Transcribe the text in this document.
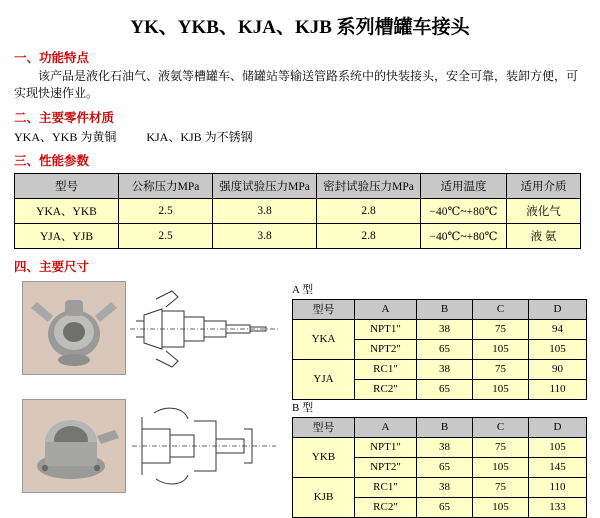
YK、YKB、KJA、KJB 系列槽罐车接头
一、功能特点
该产品是液化石油气、液氨等槽罐车、储罐站等输送管路系统中的快装接头，安全可靠，装卸方便，可实现快速作业。
二、主要零件材质
YKA、YKB 为黄铜	KJA、KJB 为不锈钢
三、性能参数
型号	公称压力MPa	强度试验压力MPa	密封试验压力MPa	适用温度	适用介质
YKA、YKB	2.5	3.8	2.8	−40℃~+80℃	液化气
YJA、YJB	2.5	3.8	2.8	−40℃~+80℃	液 氨
四、主要尺寸
A 型
型号	A	B	C	D
YKA	NPT1"	38	75	94
	NPT2"	65	105	105
YJA	RC1"	38	75	90
	RC2"	65	105	110
B 型
型号	A	B	C	D
YKB	NPT1"	38	75	105
	NPT2"	65	105	145
KJB	RC1"	38	75	110
	RC2"	65	105	133
